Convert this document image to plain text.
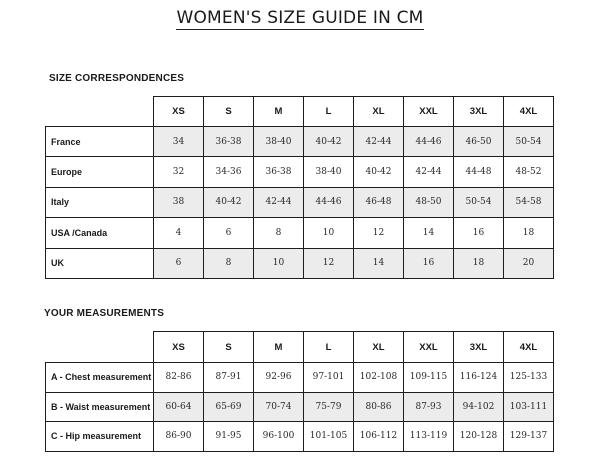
WOMEN'S SIZE GUIDE IN CM
SIZE CORRESPONDENCES
	XS	S	M	L	XL	XXL	3XL	4XL
France	34	36-38	38-40	40-42	42-44	44-46	46-50	50-54
Europe	32	34-36	36-38	38-40	40-42	42-44	44-48	48-52
Italy	38	40-42	42-44	44-46	46-48	48-50	50-54	54-58
USA /Canada	4	6	8	10	12	14	16	18
UK	6	8	10	12	14	16	18	20
YOUR MEASUREMENTS
	XS	S	M	L	XL	XXL	3XL	4XL
A - Chest measurement	82-86	87-91	92-96	97-101	102-108	109-115	116-124	125-133
B - Waist measurement	60-64	65-69	70-74	75-79	80-86	87-93	94-102	103-111
C - Hip measurement	86-90	91-95	96-100	101-105	106-112	113-119	120-128	129-137
